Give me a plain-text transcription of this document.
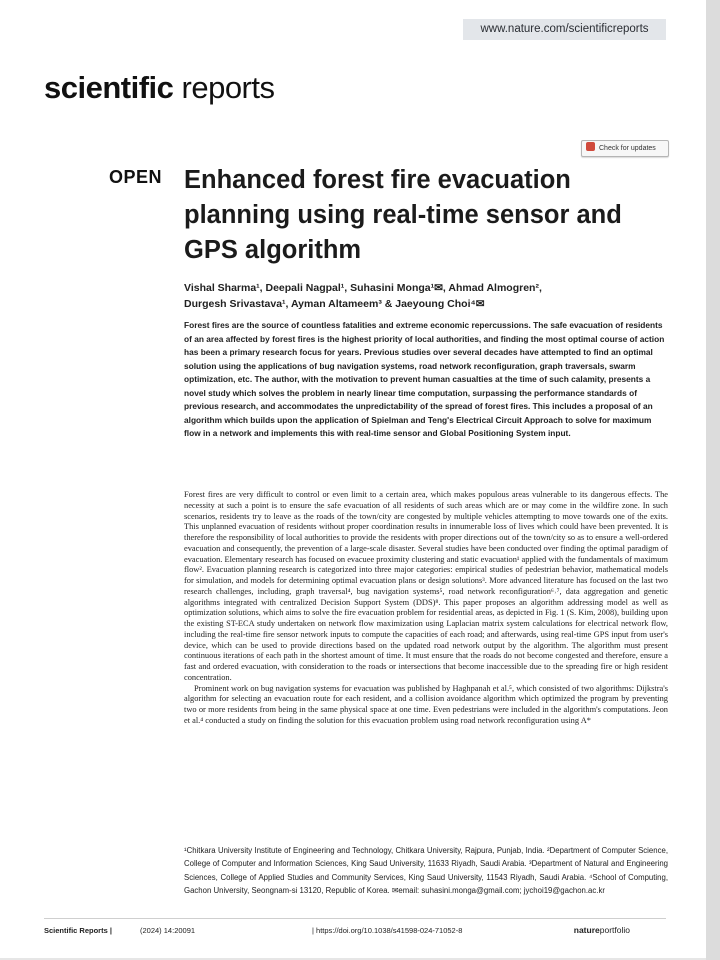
www.nature.com/scientificreports
scientific reports
Check for updates
OPEN Enhanced forest fire evacuation planning using real-time sensor and GPS algorithm
Vishal Sharma¹, Deepali Nagpal¹, Suhasini Monga¹✉, Ahmad Almogren²,
Durgesh Srivastava¹, Ayman Altameem³ & Jaeyoung Choi⁴✉
Forest fires are the source of countless fatalities and extreme economic repercussions. The safe evacuation of residents of an area affected by forest fires is the highest priority of local authorities, and finding the most optimal course of action has been a primary research focus for years. Previous studies over several decades have attempted to find an optimal solution using the applications of bug navigation systems, road network reconfiguration, graph traversals, swarm optimization, etc. The author, with the motivation to prevent human casualties at the time of such calamity, presents a novel study which solves the problem in nearly linear time computation, surpassing the performance standards of previous research, and accommodates the unpredictability of the spread of forest fires. This includes a proposal of an algorithm which builds upon the application of Spielman and Teng's Electrical Circuit Approach to solve for maximum flow in a network and implements this with real-time sensor and Global Positioning System input.

Forest fires are very difficult to control or even limit to a certain area, which makes populous areas vulnerable to its dangerous effects. The necessity at such a point is to ensure the safe evacuation of all residents of such areas which are or may come in the wildfire zone. In such scenarios, residents try to leave as the roads of the town/city are congested by multiple vehicles attempting to move towards one of the exits. This unplanned evacuation of residents without proper coordination results in innumerable loss of lives which could have been prevented. It is therefore the responsibility of local authorities to provide the residents with proper directions out of the town/city so as to ensure a well-ordered evacuation and consequently, the prevention of a large-scale disaster. Several studies have been conducted over finding the optimal paradigm of evacuation. Elementary research has focused on evacuee proximity clustering and static evacuation¹ applied with the fundamentals of maximum flow². Evacuation planning research is categorized into three major categories: empirical studies of pedestrian behavior, mathematical models for simulation, and models for determining optimal evacuation plans or design solutions³. More advanced literature has focused on the last two research challenges, including, graph traversal⁴, bug navigation systems⁵, road network reconfiguration⁶˒⁷, data aggregation and genetic algorithms integrated with centralized Decision Support System (DDS)⁸. This paper proposes an algorithm addressing model as well as optimization solutions, which aims to solve the fire evacuation problem for residential areas, as depicted in Fig. 1 (S. Kim, 2008), building upon the existing ST-ECA study undertaken on network flow maximization using Laplacian matrix system calculations for electrical network flow, including the real-time fire sensor network inputs to compute the capacities of each road; and afterwards, using real-time GPS input from user's device, which can be used to provide directions based on the updated road network output by the algorithm. The algorithm must present continuous iterations of each path in the shortest amount of time. It must ensure that the roads do not become congested and therefore, ensure a fast and ordered evacuation, with consideration to the roads or intersections that become inaccessible due to the spreading fire or high resident concentration.

Prominent work on bug navigation systems for evacuation was published by Haghpanah et al.⁵, which consisted of two algorithms: Dijkstra's algorithm for selecting an evacuation route for each resident, and a collision avoidance algorithm which optimized the program by preventing two or more residents from being in the same physical space at one time. Even pedestrians were included in the algorithm's computations. Jeon et al.⁴ conducted a study on finding the solution for this evacuation problem using road network reconfiguration using A*

¹Chitkara University Institute of Engineering and Technology, Chitkara University, Rajpura, Punjab, India. ²Department of Computer Science, College of Computer and Information Sciences, King Saud University, 11633 Riyadh, Saudi Arabia. ³Department of Natural and Engineering Sciences, College of Applied Studies and Community Services, King Saud University, 11543 Riyadh, Saudi Arabia. ⁴School of Computing, Gachon University, Seongnam-si 13120, Republic of Korea. ✉email: suhasini.monga@gmail.com; jychoi19@gachon.ac.kr
Scientific Reports |	(2024) 14:20091	| https://doi.org/10.1038/s41598-024-71052-8	natureportfolio
